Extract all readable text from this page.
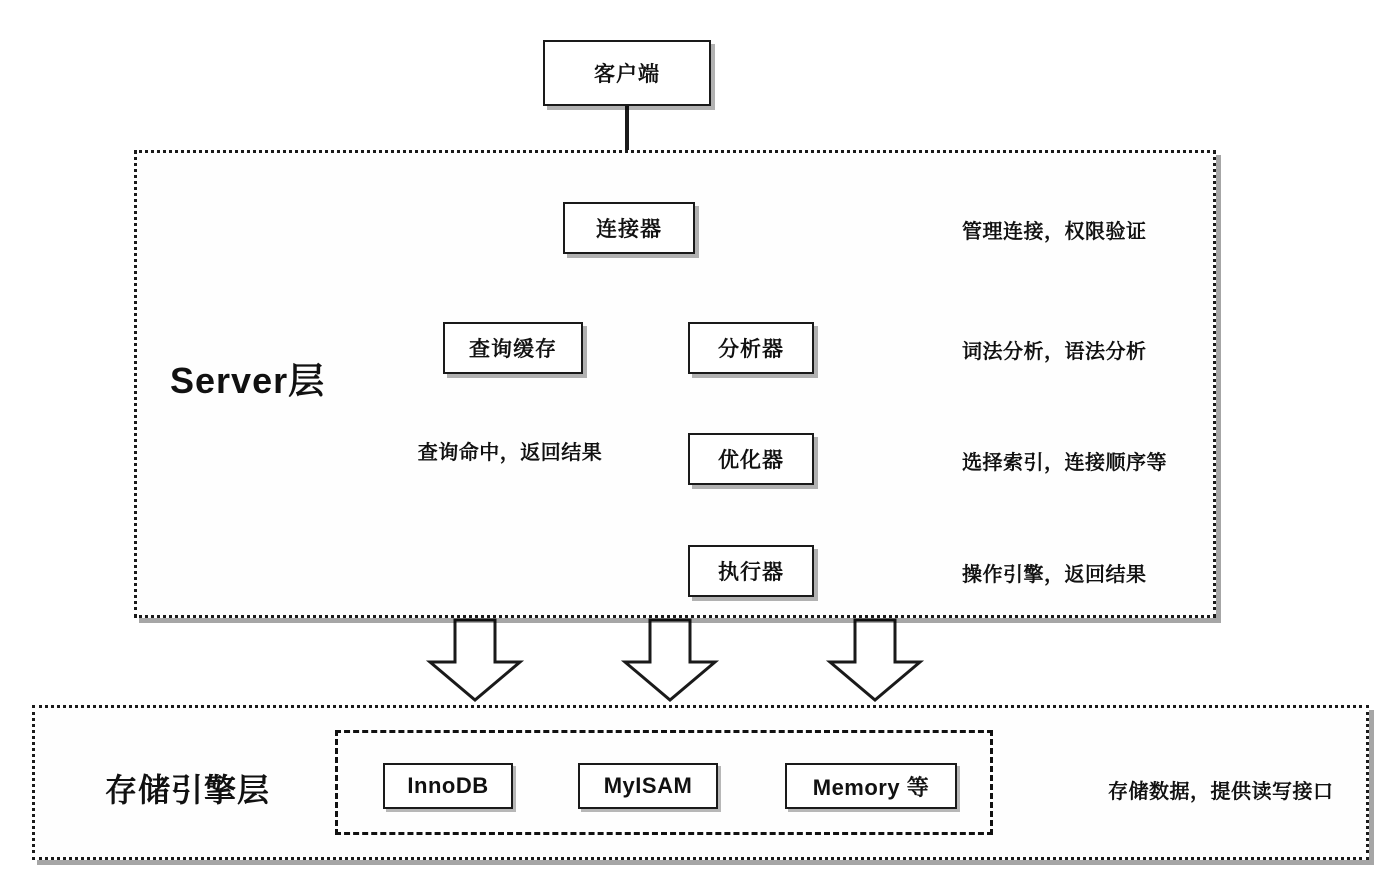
客户端
Server层
连接器
查询缓存	分析器
优化器
执行器
管理连接，权限验证
词法分析，语法分析
选择索引，连接顺序等
操作引擎，返回结果
查询命中，返回结果
存储引擎层	InnoDB	MyISAM	Memory 等	存储数据，提供读写接口
